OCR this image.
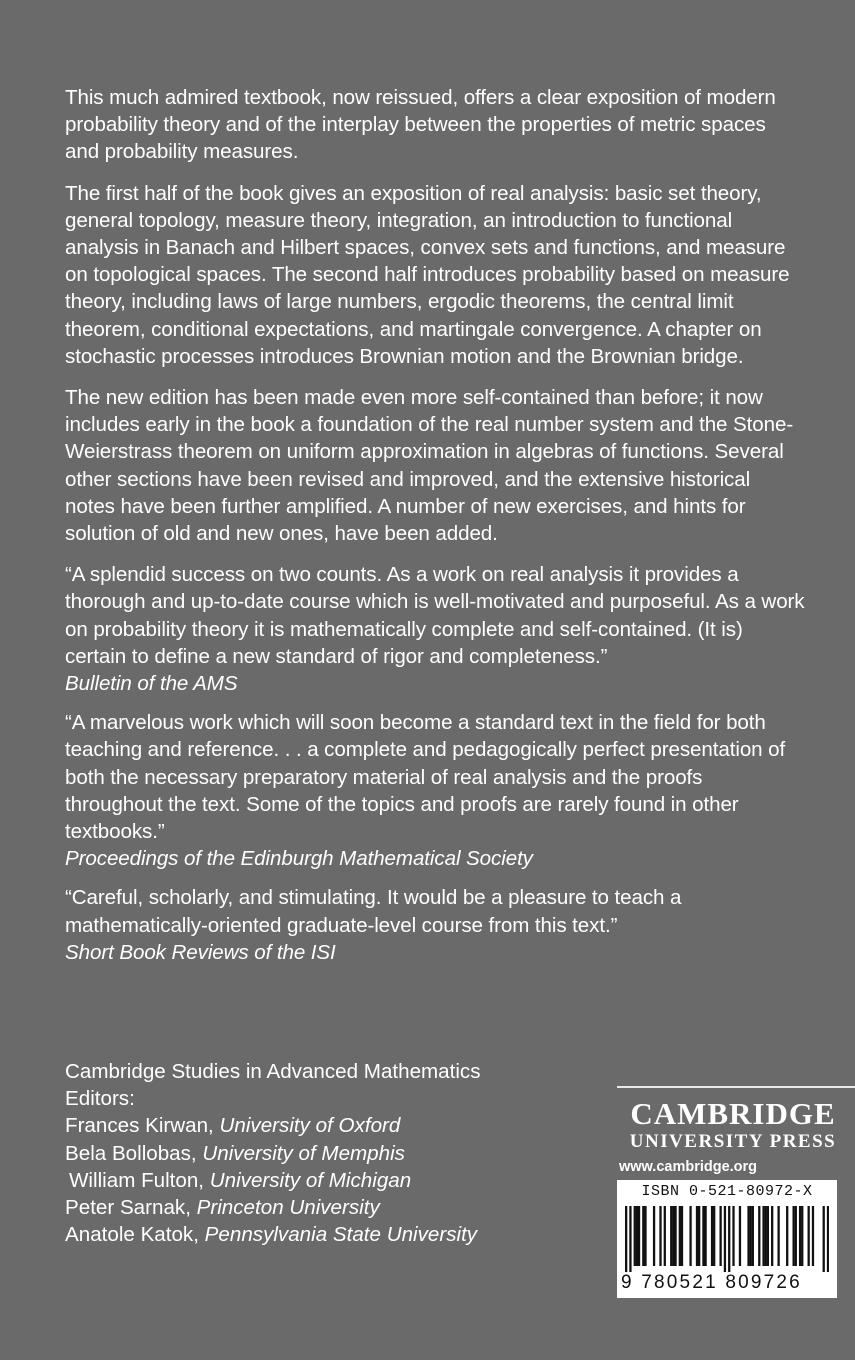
This much admired textbook, now reissued, offers a clear exposition of modern probability theory and of the interplay between the properties of metric spaces and probability measures.

The first half of the book gives an exposition of real analysis: basic set theory, general topology, measure theory, integration, an introduction to functional analysis in Banach and Hilbert spaces, convex sets and functions, and measure on topological spaces. The second half introduces probability based on measure theory, including laws of large numbers, ergodic theorems, the central limit theorem, conditional expectations, and martingale convergence. A chapter on stochastic processes introduces Brownian motion and the Brownian bridge.

The new edition has been made even more self-contained than before; it now includes early in the book a foundation of the real number system and the Stone-Weierstrass theorem on uniform approximation in algebras of functions. Several other sections have been revised and improved, and the extensive historical notes have been further amplified. A number of new exercises, and hints for solution of old and new ones, have been added.

“A splendid success on two counts. As a work on real analysis it provides a thorough and up-to-date course which is well-motivated and purposeful. As a work on probability theory it is mathematically complete and self-contained. (It is) certain to define a new standard of rigor and completeness.”

Bulletin of the AMS

“A marvelous work which will soon become a standard text in the field for both teaching and reference. . . a complete and pedagogically perfect presentation of both the necessary preparatory material of real analysis and the proofs throughout the text. Some of the topics and proofs are rarely found in other textbooks.”

Proceedings of the Edinburgh Mathematical Society

“Careful, scholarly, and stimulating. It would be a pleasure to teach a mathematically-oriented graduate-level course from this text.”

Short Book Reviews of the ISI

Cambridge Studies in Advanced Mathematics
Editors:
Frances Kirwan, University of Oxford
Bela Bollobas, University of Memphis
William Fulton, University of Michigan
Peter Sarnak, Princeton University
Anatole Katok, Pennsylvania State University
CAMBRIDGE
UNIVERSITY PRESS
www.cambridge.org
ISBN 0-521-80972-X
9 780521 809726
